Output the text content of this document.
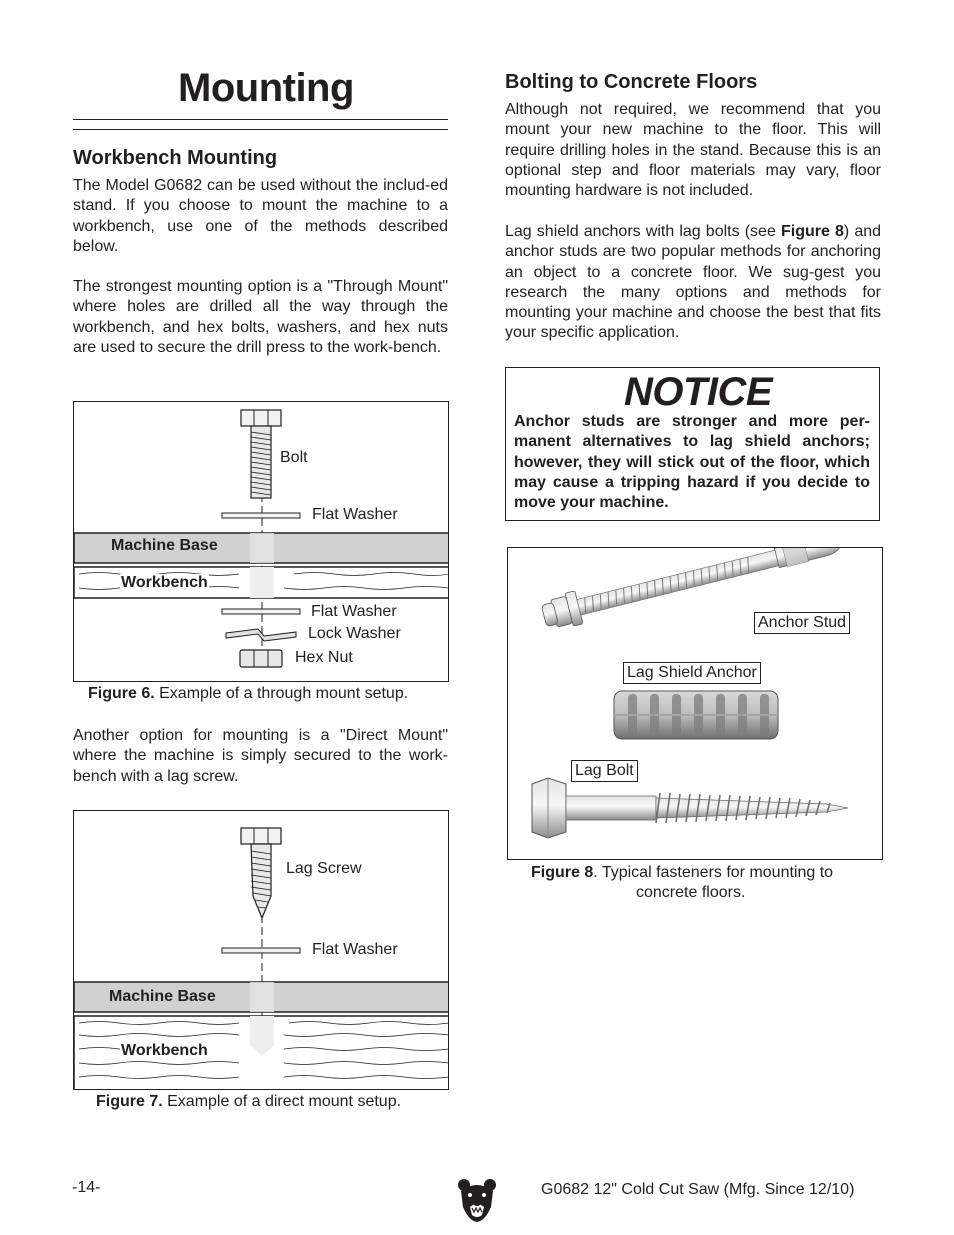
Mounting
Workbench Mounting
The Model G0682 can be used without the includ-ed stand. If you choose to mount the machine to a workbench, use one of the methods described below.
The strongest mounting option is a "Through Mount" where holes are drilled all the way through the workbench, and hex bolts, washers, and hex nuts are used to secure the drill press to the work-bench.
Bolt
Flat Washer
Machine Base
Workbench
Flat Washer
Lock Washer
Hex Nut
Figure 6. Example of a through mount setup.
Another option for mounting is a "Direct Mount" where the machine is simply secured to the work-bench with a lag screw.
Lag Screw
Flat Washer
Machine Base
Workbench
Figure 7. Example of a direct mount setup.
Bolting to Concrete Floors
Although not required, we recommend that you mount your new machine to the floor. This will require drilling holes in the stand. Because this is an optional step and floor materials may vary, floor mounting hardware is not included.
Lag shield anchors with lag bolts (see Figure 8) and anchor studs are two popular methods for anchoring an object to a concrete floor. We sug-gest you research the many options and methods for mounting your machine and choose the best that fits your specific application.
NOTICE
Anchor studs are stronger and more per-manent alternatives to lag shield anchors; however, they will stick out of the floor, which may cause a tripping hazard if you decide to move your machine.
Anchor Stud
Lag Shield Anchor
Lag Bolt
Figure 8. Typical fasteners for mounting to
concrete floors.
-14-	G0682 12" Cold Cut Saw (Mfg. Since 12/10)
